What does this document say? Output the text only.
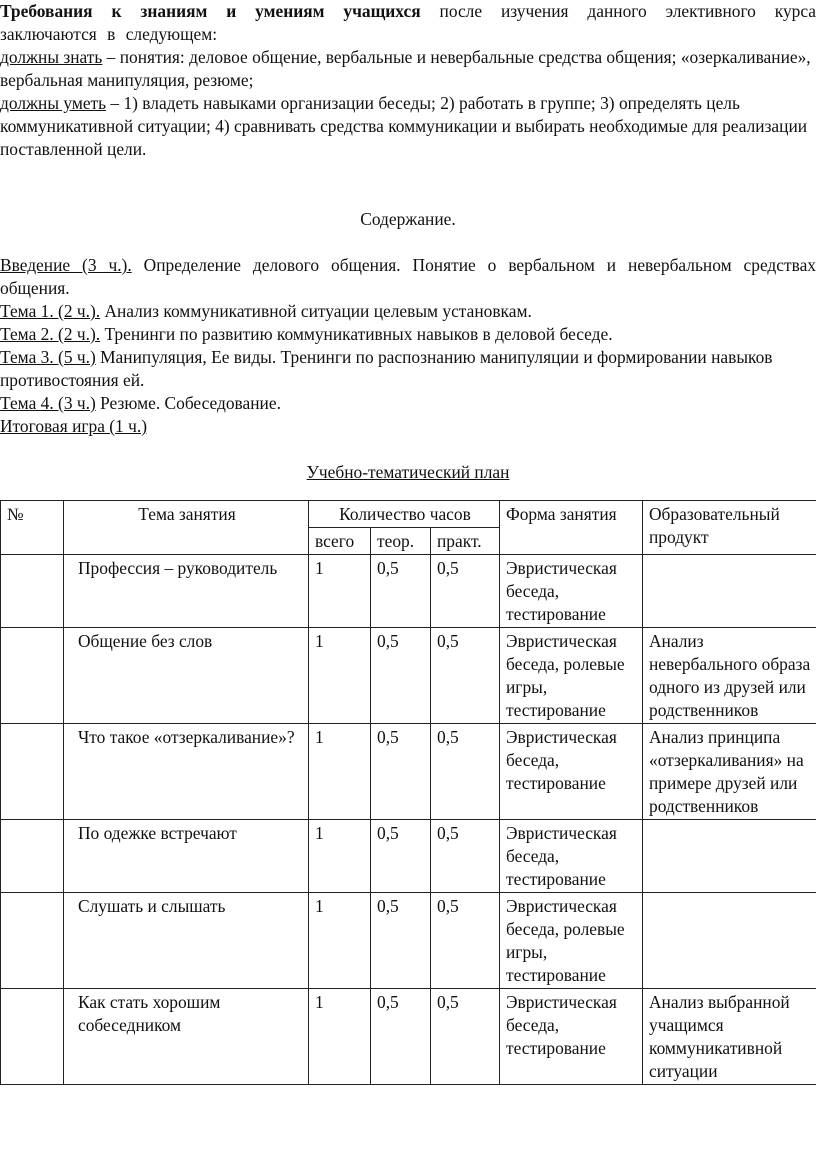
Требования к знаниям и умениям учащихся после изучения данного элективного курса заключаются в следующем:

должны знать – понятия: деловое общение, вербальные и невербальные средства общения; «озеркаливание», вербальная манипуляция, резюме;

должны уметь – 1) владеть навыками организации беседы; 2) работать в группе; 3) определять цель коммуникативной ситуации; 4) сравнивать средства коммуникации и выбирать необходимые для реализации поставленной цели.

Содержание.

Введение (3 ч.). Определение делового общения. Понятие о вербальном и невербальном средствах общения.

Тема 1. (2 ч.). Анализ коммуникативной ситуации целевым установкам.

Тема 2. (2 ч.). Тренинги по развитию коммуникативных навыков в деловой беседе.

Тема 3. (5 ч.) Манипуляция, Ее виды. Тренинги по распознанию манипуляции и формировании навыков противостояния ей.

Тема 4. (3 ч.) Резюме. Собеседование.

Итоговая игра (1 ч.)

Учебно-тематический план
№	Тема занятия	Количество часов			Форма занятия	Образовательный продукт
		всего	теор.	практ.		
	Профессия – руководитель	1	0,5	0,5	Эвристическая беседа, тестирование	
	Общение без слов	1	0,5	0,5	Эвристическая беседа, ролевые игры, тестирование	Анализ невербального образа одного из друзей или родственников
	Что такое «отзеркаливание»?	1	0,5	0,5	Эвристическая беседа, тестирование	Анализ принципа «отзеркаливания» на примере друзей или родственников
	По одежке встречают	1	0,5	0,5	Эвристическая беседа, тестирование	
	Слушать и слышать	1	0,5	0,5	Эвристическая беседа, ролевые игры, тестирование	
	Как стать хорошим собеседником	1	0,5	0,5	Эвристическая беседа, тестирование	Анализ выбранной учащимся коммуникативной ситуации
